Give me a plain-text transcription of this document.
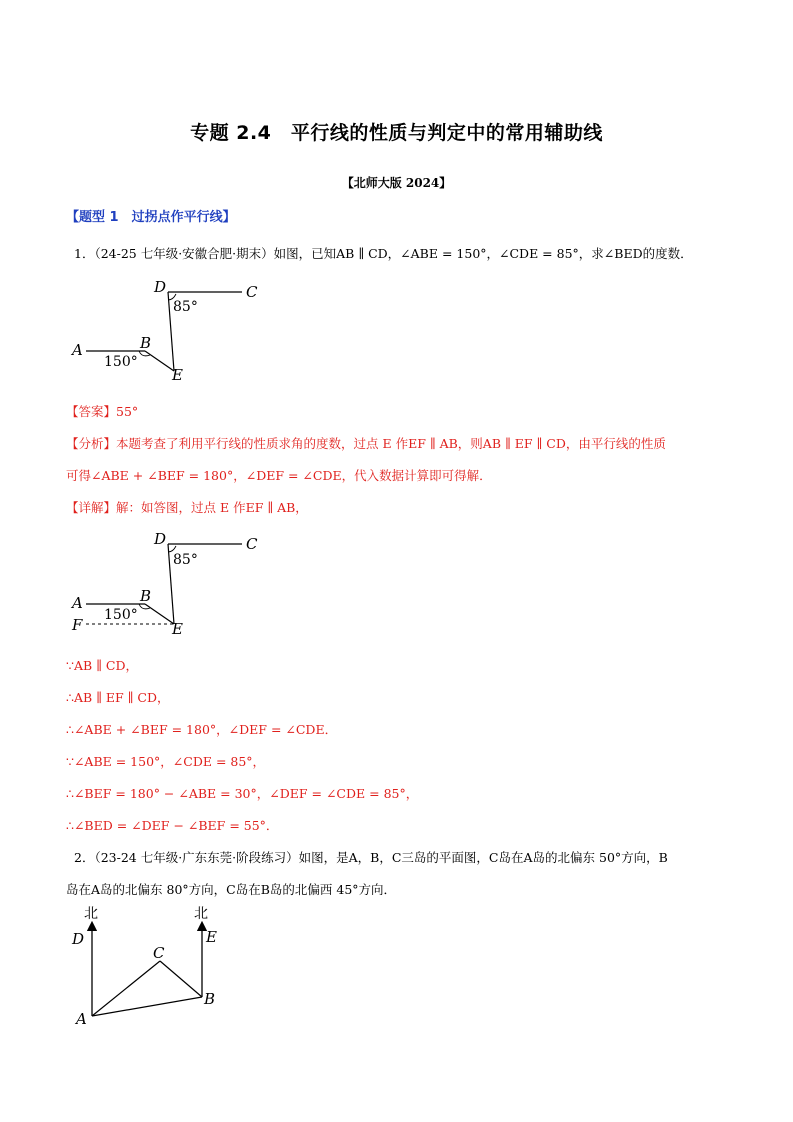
专题 2.4　平行线的性质与判定中的常用辅助线
【北师大版 2024】
【题型 1　过拐点作平行线】
1．（24-25 七年级·安徽合肥·期末）如图，已知AB ∥ CD，∠ABE = 150°，∠CDE = 85°，求∠BED的度数．
D	C
A	B
E
85°
150°
【答案】55°
【分析】本题考查了利用平行线的性质求角的度数，过点 E 作EF ∥ AB，则AB ∥ EF ∥ CD，由平行线的性质
可得∠ABE + ∠BEF = 180°，∠DEF = ∠CDE，代入数据计算即可得解．
【详解】解：如答图，过点 E 作EF ∥ AB，
D	C
A	B
E
F
85°
150°
∵AB ∥ CD，
∴AB ∥ EF ∥ CD，
∴∠ABE + ∠BEF = 180°，∠DEF = ∠CDE．
∵∠ABE = 150°，∠CDE = 85°，
∴∠BEF = 180° − ∠ABE = 30°，∠DEF = ∠CDE = 85°，
∴∠BED = ∠DEF − ∠BEF = 55°．
2．（23-24 七年级·广东东莞·阶段练习）如图，是A，B，C三岛的平面图，C岛在A岛的北偏东 50°方向，B
岛在A岛的北偏东 80°方向，C岛在B岛的北偏西 45°方向．
北	北
D	E
C
A
B
